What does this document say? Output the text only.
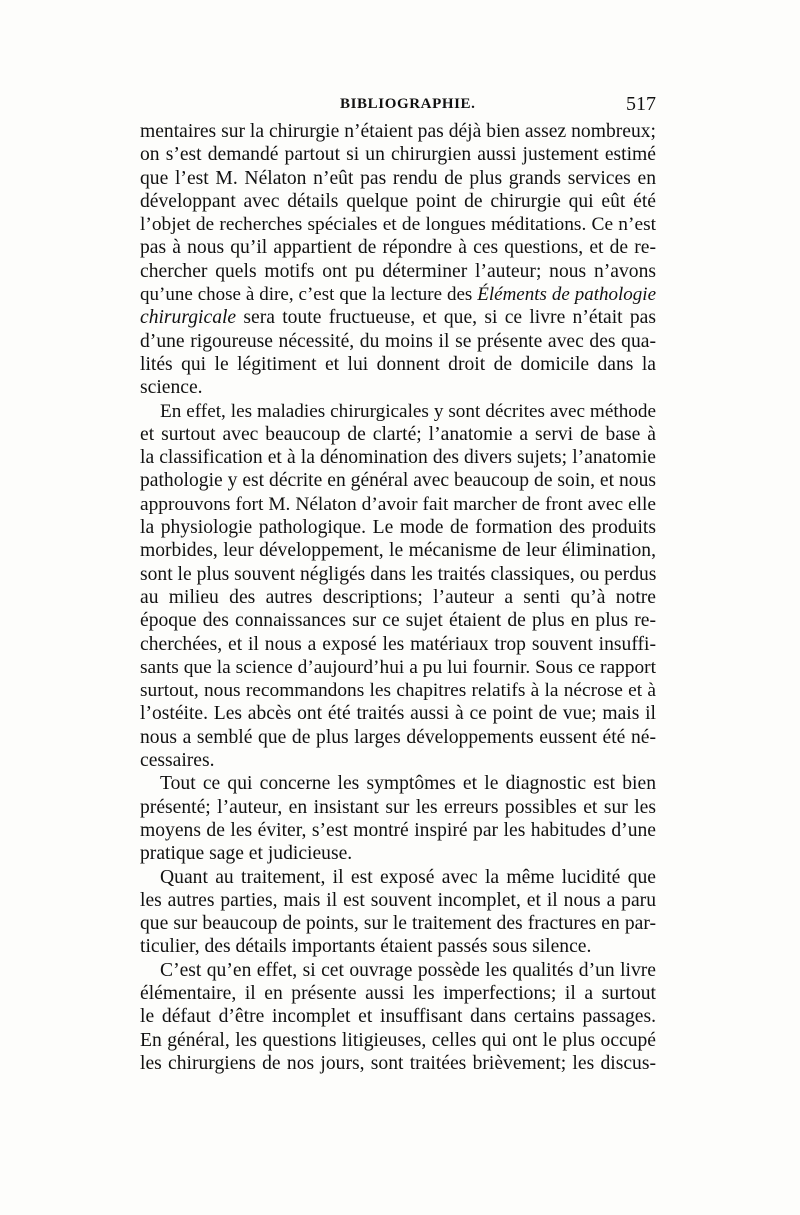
BIBLIOGRAPHIE.	517
mentaires sur la chirurgie n’étaient pas déjà bien assez nombreux;
on s’est demandé partout si un chirurgien aussi justement estimé
que l’est M. Nélaton n’eût pas rendu de plus grands services en
développant avec détails quelque point de chirurgie qui eût été
l’objet de recherches spéciales et de longues méditations. Ce n’est
pas à nous qu’il appartient de répondre à ces questions, et de re-
chercher quels motifs ont pu déterminer l’auteur; nous n’avons
qu’une chose à dire, c’est que la lecture des Éléments de pathologie
chirurgicale sera toute fructueuse, et que, si ce livre n’était pas
d’une rigoureuse nécessité, du moins il se présente avec des qua-
lités qui le légitiment et lui donnent droit de domicile dans la
science.
En effet, les maladies chirurgicales y sont décrites avec méthode
et surtout avec beaucoup de clarté; l’anatomie a servi de base à
la classification et à la dénomination des divers sujets; l’anatomie
pathologie y est décrite en général avec beaucoup de soin, et nous
approuvons fort M. Nélaton d’avoir fait marcher de front avec elle
la physiologie pathologique. Le mode de formation des produits
morbides, leur développement, le mécanisme de leur élimination,
sont le plus souvent négligés dans les traités classiques, ou perdus
au milieu des autres descriptions; l’auteur a senti qu’à notre
époque des connaissances sur ce sujet étaient de plus en plus re-
cherchées, et il nous a exposé les matériaux trop souvent insuffi-
sants que la science d’aujourd’hui a pu lui fournir. Sous ce rapport
surtout, nous recommandons les chapitres relatifs à la nécrose et à
l’ostéite. Les abcès ont été traités aussi à ce point de vue; mais il
nous a semblé que de plus larges développements eussent été né-
cessaires.
Tout ce qui concerne les symptômes et le diagnostic est bien
présenté; l’auteur, en insistant sur les erreurs possibles et sur les
moyens de les éviter, s’est montré inspiré par les habitudes d’une
pratique sage et judicieuse.
Quant au traitement, il est exposé avec la même lucidité que
les autres parties, mais il est souvent incomplet, et il nous a paru
que sur beaucoup de points, sur le traitement des fractures en par-
ticulier, des détails importants étaient passés sous silence.
C’est qu’en effet, si cet ouvrage possède les qualités d’un livre
élémentaire, il en présente aussi les imperfections; il a surtout
le défaut d’être incomplet et insuffisant dans certains passages.
En général, les questions litigieuses, celles qui ont le plus occupé
les chirurgiens de nos jours, sont traitées brièvement; les discus-
